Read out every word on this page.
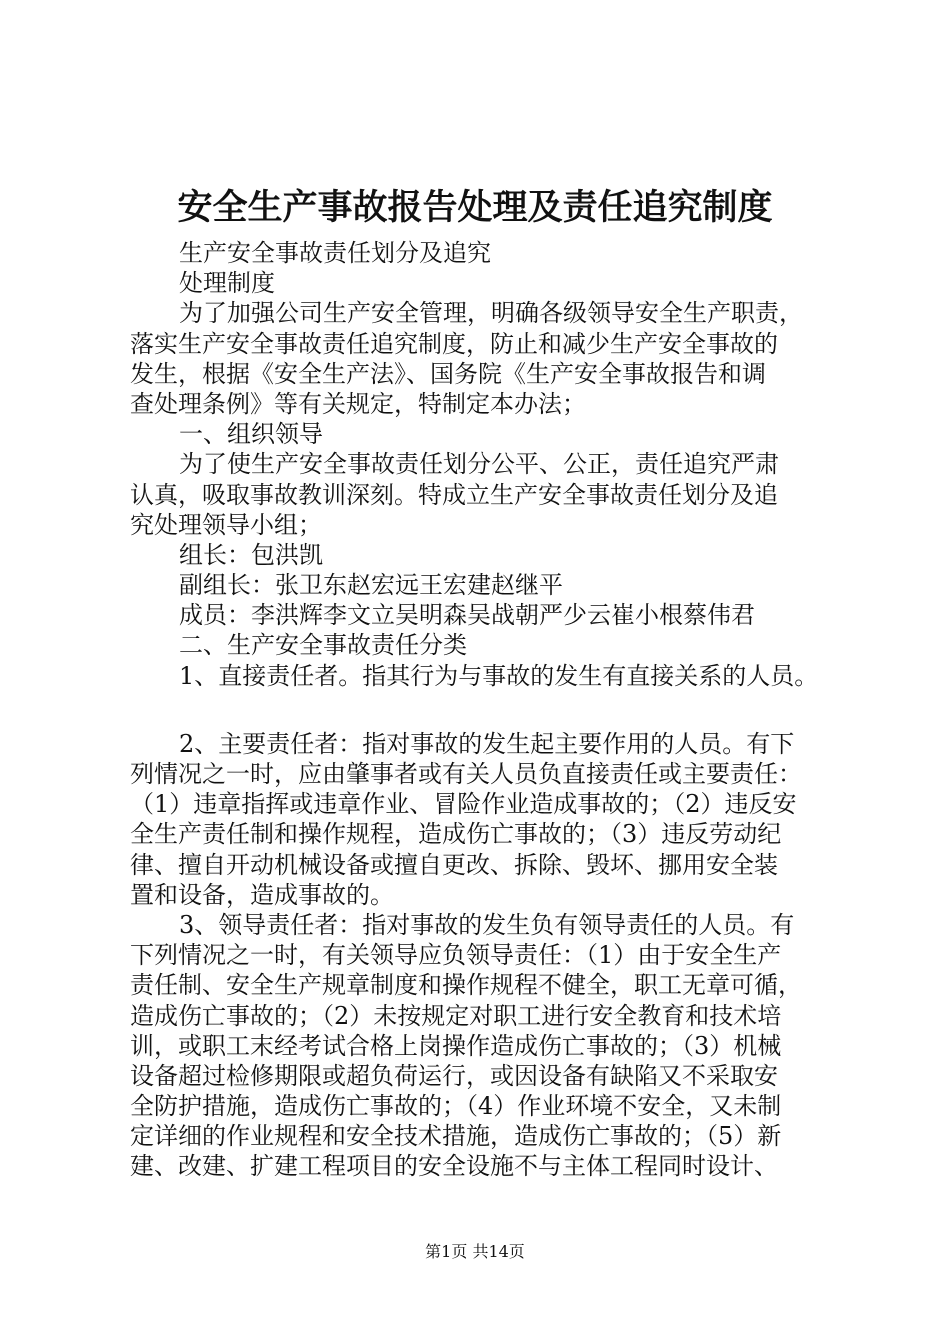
安全生产事故报告处理及责任追究制度
生产安全事故责任划分及追究
处理制度
为了加强公司生产安全管理，明确各级领导安全生产职责，
落实生产安全事故责任追究制度，防止和减少生产安全事故的
发生，根据《安全生产法》、国务院《生产安全事故报告和调
查处理条例》等有关规定，特制定本办法；
一、组织领导
为了使生产安全事故责任划分公平、公正，责任追究严肃
认真，吸取事故教训深刻。特成立生产安全事故责任划分及追
究处理领导小组；
组长：包洪凯
副组长：张卫东赵宏远王宏建赵继平
成员：李洪辉李文立吴明森吴战朝严少云崔小根蔡伟君
二、生产安全事故责任分类
1、直接责任者。指其行为与事故的发生有直接关系的人员。
2、主要责任者：指对事故的发生起主要作用的人员。有下
列情况之一时，应由肇事者或有关人员负直接责任或主要责任：
（1）违章指挥或违章作业、冒险作业造成事故的；（2）违反安
全生产责任制和操作规程，造成伤亡事故的；（3）违反劳动纪
律、擅自开动机械设备或擅自更改、拆除、毁坏、挪用安全装
置和设备，造成事故的。
3、领导责任者：指对事故的发生负有领导责任的人员。有
下列情况之一时，有关领导应负领导责任：（1）由于安全生产
责任制、安全生产规章制度和操作规程不健全，职工无章可循，
造成伤亡事故的；（2）未按规定对职工进行安全教育和技术培
训，或职工末经考试合格上岗操作造成伤亡事故的；（3）机械
设备超过检修期限或超负荷运行，或因设备有缺陷又不采取安
全防护措施，造成伤亡事故的；（4）作业环境不安全，又未制
定详细的作业规程和安全技术措施，造成伤亡事故的；（5）新
建、改建、扩建工程项目的安全设施不与主体工程同时设计、
第1页 共14页
